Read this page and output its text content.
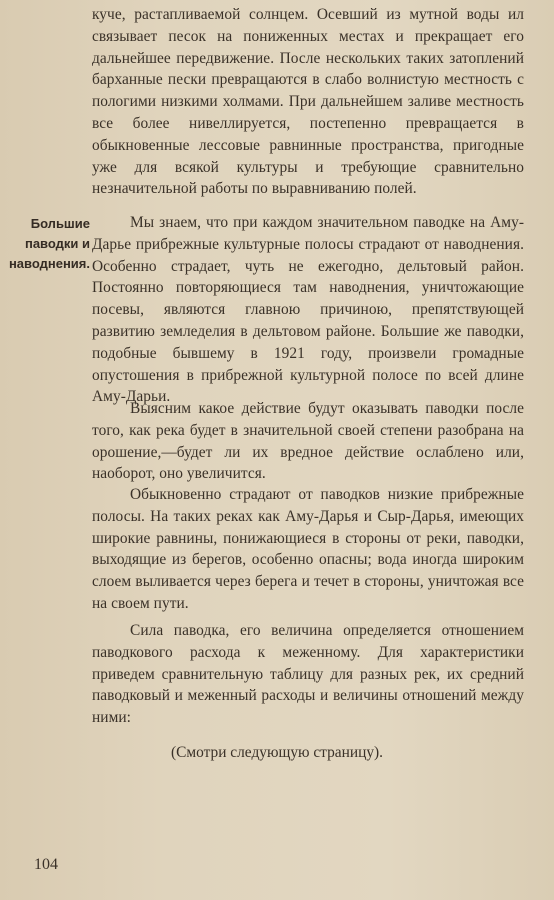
куче, растапливаемой солнцем. Осевший из мутной воды ил связывает песок на пониженных местах и прекращает его дальнейшее передвижение. После нескольких таких затоплений барханные пески превращаются в слабо волнистую местность с пологими низкими холмами. При дальнейшем заливе местность все более нивеллируется, постепенно превращается в обыкновенные лессовые равнинные пространства, пригодные уже для всякой культуры и требующие сравнительно незначительной работы по выравниванию полей.

Большие
паводки и
наводнения.

Мы знаем, что при каждом значительном паводке на Аму-Дарье прибрежные культурные полосы страдают от наводнения. Особенно страдает, чуть не ежегодно, дельтовый район. Постоянно повторяющиеся там наводнения, уничтожающие посевы, являются главною причиною, препятствующей развитию земледелия в дельтовом районе. Большие же паводки, подобные бывшему в 1921 году, произвели громадные опустошения в прибрежной культурной полосе по всей длине Аму-Дарьи.

Выясним какое действие будут оказывать паводки после того, как река будет в значительной своей степени разобрана на орошение,—будет ли их вредное действие ослаблено или, наоборот, оно увеличится.

Обыкновенно страдают от паводков низкие прибрежные полосы. На таких реках как Аму-Дарья и Сыр-Дарья, имеющих широкие равнины, понижающиеся в стороны от реки, паводки, выходящие из берегов, особенно опасны; вода иногда широким слоем выливается через берега и течет в стороны, уничтожая все на своем пути.

Сила паводка, его величина определяется отношением паводкового расхода к меженному. Для характеристики приведем сравнительную таблицу для разных рек, их средний паводковый и меженный расходы и величины отношений между ними:

(Смотри следующую страницу).
104
